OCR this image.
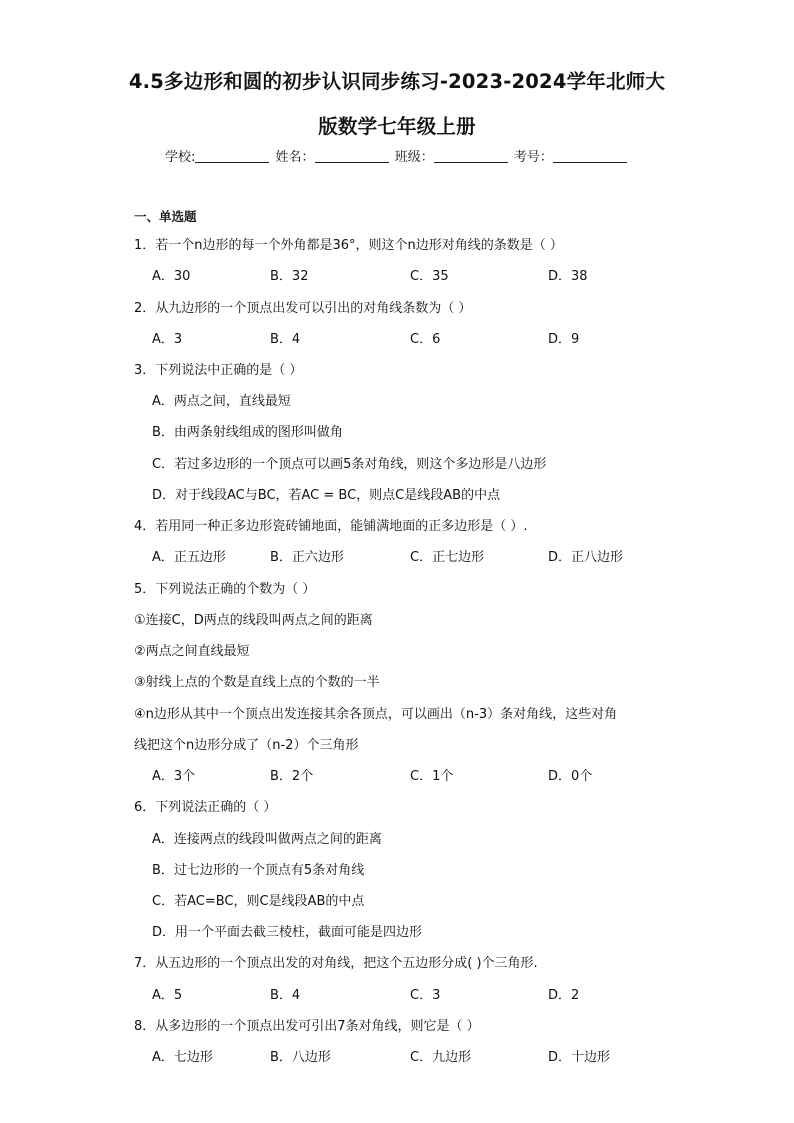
4.5多边形和圆的初步认识同步练习-2023-2024学年北师大
版数学七年级上册
学校:	姓名：	班级：	考号：
一、单选题
1．若一个n边形的每一个外角都是36°，则这个n边形对角线的条数是（ ）
A．30	B．32	C．35	D．38
2．从九边形的一个顶点出发可以引出的对角线条数为（ ）
A．3	B．4	C．6	D．9
3．下列说法中正确的是（ ）
A．两点之间，直线最短
B．由两条射线组成的图形叫做角
C．若过多边形的一个顶点可以画5条对角线，则这个多边形是八边形
D．对于线段AC与BC，若AC = BC，则点C是线段AB的中点
4．若用同一种正多边形瓷砖铺地面，能铺满地面的正多边形是（ ）.
A．正五边形	B．正六边形	C．正七边形	D．正八边形
5．下列说法正确的个数为（ ）
①连接C，D两点的线段叫两点之间的距离
②两点之间直线最短
③射线上点的个数是直线上点的个数的一半
④n边形从其中一个顶点出发连接其余各顶点，可以画出（n-3）条对角线，这些对角
线把这个n边形分成了（n-2）个三角形
A．3个	B．2个	C．1个	D．0个
6．下列说法正确的（ ）
A．连接两点的线段叫做两点之间的距离
B．过七边形的一个顶点有5条对角线
C．若AC=BC，则C是线段AB的中点
D．用一个平面去截三棱柱，截面可能是四边形
7．从五边形的一个顶点出发的对角线，把这个五边形分成( )个三角形.
A．5	B．4	C．3	D．2
8．从多边形的一个顶点出发可引出7条对角线，则它是（ ）
A．七边形	B．八边形	C．九边形	D．十边形
